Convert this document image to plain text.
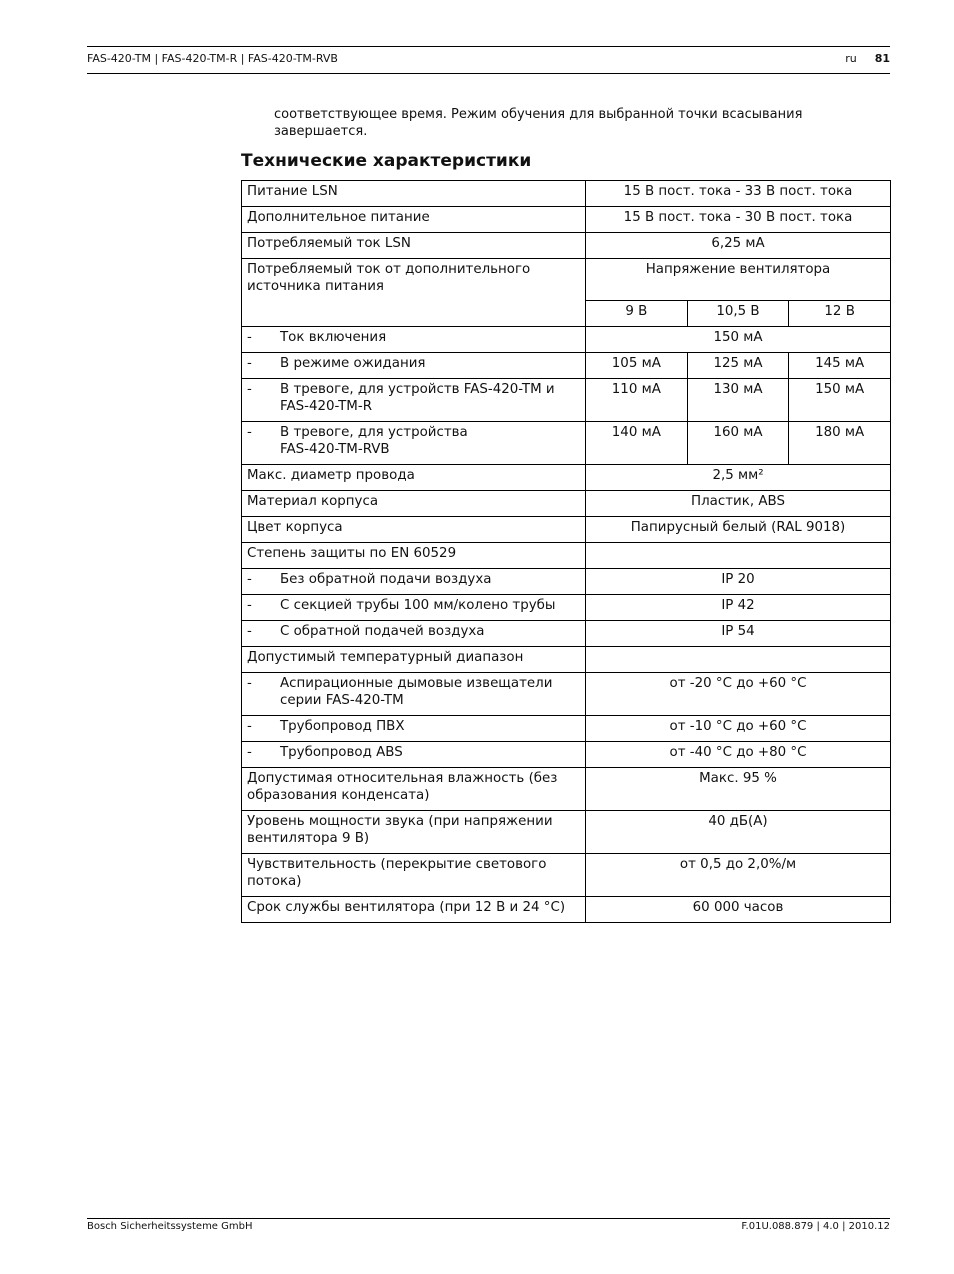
FAS-420-TM | FAS-420-TM-R | FAS-420-TM-RVB	ru 81
соответствующее время. Режим обучения для выбранной точки всасывания
завершается.
Технические характеристики
Питание LSN	15 В пост. тока - 33 В пост. тока		
Дополнительное питание	15 В пост. тока - 30 В пост. тока		
Потребляемый ток LSN	6,25 мА		

Потребляемый ток от дополнительного
источника питания	Напряжение вентилятора		
	9 В	10,5 В	12 В

- Ток включения	150 мА		

- В режиме ожидания	105 мА	125 мА	145 мА

- В тревоге, для устройств FAS-420-TM и
FAS-420-TM-R	110 мА	130 мА	150 мА

- В тревоге, для устройства
FAS-420-TM-RVB	140 мА	160 мА	180 мА
Макс. диаметр провода	2,5 мм²		
Материал корпуса	Пластик, ABS		
Цвет корпуса	Папирусный белый (RAL 9018)		
Степень защиты по EN 60529			

- Без обратной подачи воздуха	IP 20		

- С секцией трубы 100 мм/колено трубы	IP 42		

- С обратной подачей воздуха	IP 54		
Допустимый температурный диапазон			

- Аспирационные дымовые извещатели
серии FAS-420-TM	от -20 °C до +60 °C		

- Трубопровод ПВХ	от -10 °C до +60 °C		

- Трубопровод ABS	от -40 °C до +80 °C		

Допустимая относительная влажность (без
образования конденсата)	Макс. 95 %		

Уровень мощности звука (при напряжении
вентилятора 9 В)	40 дБ(A)		

Чувствительность (перекрытие светового
потока)	от 0,5 до 2,0%/м		
Срок службы вентилятора (при 12 В и 24 °C)	60 000 часов		
Bosch Sicherheitssysteme GmbH	F.01U.088.879 | 4.0 | 2010.12
